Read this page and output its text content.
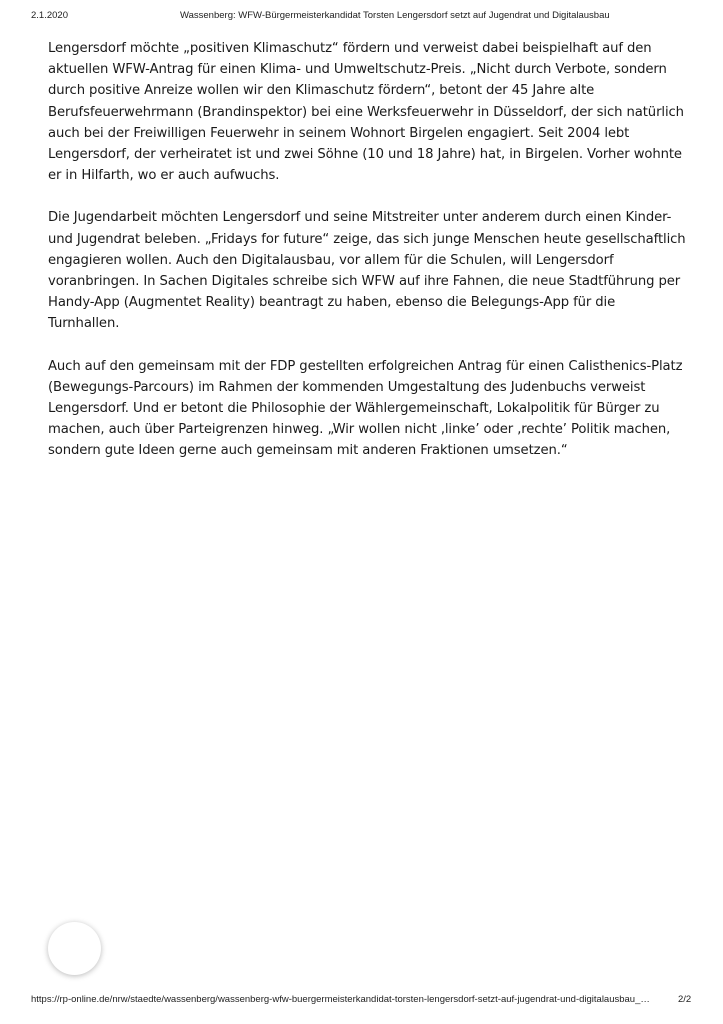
2.1.2020	Wassenberg: WFW-Bürgermeisterkandidat Torsten Lengersdorf setzt auf Jugendrat und Digitalausbau

Lengersdorf möchte „positiven Klimaschutz“ fördern und verweist dabei beispielhaft auf den aktuellen WFW-Antrag für einen Klima- und Umweltschutz-Preis. „Nicht durch Verbote, sondern durch positive Anreize wollen wir den Klimaschutz fördern“, betont der 45 Jahre alte Berufsfeuerwehrmann (Brandinspektor) bei eine Werksfeuerwehr in Düsseldorf, der sich natürlich auch bei der Freiwilligen Feuerwehr in seinem Wohnort Birgelen engagiert. Seit 2004 lebt Lengersdorf, der verheiratet ist und zwei Söhne (10 und 18 Jahre) hat, in Birgelen. Vorher wohnte er in Hilfarth, wo er auch aufwuchs.

Die Jugendarbeit möchten Lengersdorf und seine Mitstreiter unter anderem durch einen Kinder- und Jugendrat beleben. „Fridays for future“ zeige, das sich junge Menschen heute gesellschaftlich engagieren wollen. Auch den Digitalausbau, vor allem für die Schulen, will Lengersdorf voranbringen. In Sachen Digitales schreibe sich WFW auf ihre Fahnen, die neue Stadtführung per Handy-App (Augmentet Reality) beantragt zu haben, ebenso die Belegungs-App für die Turnhallen.

Auch auf den gemeinsam mit der FDP gestellten erfolgreichen Antrag für einen Calisthenics-Platz (Bewegungs-Parcours) im Rahmen der kommenden Umgestaltung des Judenbuchs verweist Lengersdorf. Und er betont die Philosophie der Wählergemeinschaft, Lokalpolitik für Bürger zu machen, auch über Parteigrenzen hinweg. „Wir wollen nicht ‚linke’ oder ‚rechte’ Politik machen, sondern gute Ideen gerne auch gemeinsam mit anderen Fraktionen umsetzen.“

https://rp-online.de/nrw/staedte/wassenberg/wassenberg-wfw-buergermeisterkandidat-torsten-lengersdorf-setzt-auf-jugendrat-und-digitalausbau_…	2/2
